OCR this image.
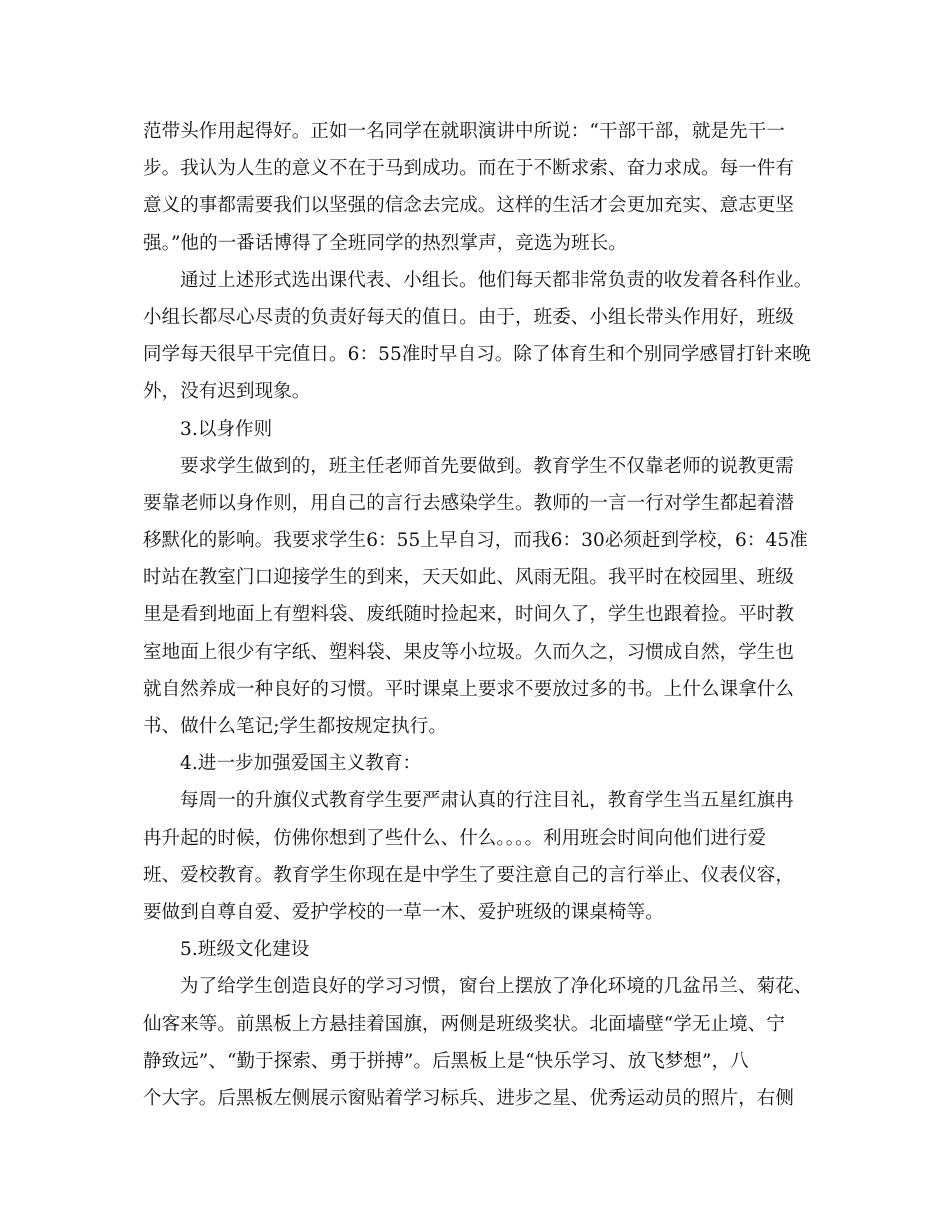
范带头作用起得好。正如一名同学在就职演讲中所说：“干部干部，就是先干一
步。我认为人生的意义不在于马到成功。而在于不断求索、奋力求成。每一件有
意义的事都需要我们以坚强的信念去完成。这样的生活才会更加充实、意志更坚
强。”他的一番话博得了全班同学的热烈掌声，竞选为班长。
通过上述形式选出课代表、小组长。他们每天都非常负责的收发着各科作业。
小组长都尽心尽责的负责好每天的值日。由于，班委、小组长带头作用好，班级
同学每天很早干完值日。6：55准时早自习。除了体育生和个别同学感冒打针来晚
外，没有迟到现象。
3.以身作则
要求学生做到的，班主任老师首先要做到。教育学生不仅靠老师的说教更需
要靠老师以身作则，用自己的言行去感染学生。教师的一言一行对学生都起着潜
移默化的影响。我要求学生6：55上早自习，而我6：30必须赶到学校，6：45准
时站在教室门口迎接学生的到来，天天如此、风雨无阻。我平时在校园里、班级
里是看到地面上有塑料袋、废纸随时捡起来，时间久了，学生也跟着捡。平时教
室地面上很少有字纸、塑料袋、果皮等小垃圾。久而久之，习惯成自然，学生也
就自然养成一种良好的习惯。平时课桌上要求不要放过多的书。上什么课拿什么
书、做什么笔记;学生都按规定执行。
4.进一步加强爱国主义教育：
每周一的升旗仪式教育学生要严肃认真的行注目礼，教育学生当五星红旗冉
冉升起的时候，仿佛你想到了些什么、什么。。。。利用班会时间向他们进行爱
班、爱校教育。教育学生你现在是中学生了要注意自己的言行举止、仪表仪容，
要做到自尊自爱、爱护学校的一草一木、爱护班级的课桌椅等。
5.班级文化建设
为了给学生创造良好的学习习惯，窗台上摆放了净化环境的几盆吊兰、菊花、
仙客来等。前黑板上方悬挂着国旗，两侧是班级奖状。北面墙壁“学无止境、宁
静致远”、“勤于探索、勇于拼搏”。后黑板上是“快乐学习、放飞梦想”，八
个大字。后黑板左侧展示窗贴着学习标兵、进步之星、优秀运动员的照片，右侧
